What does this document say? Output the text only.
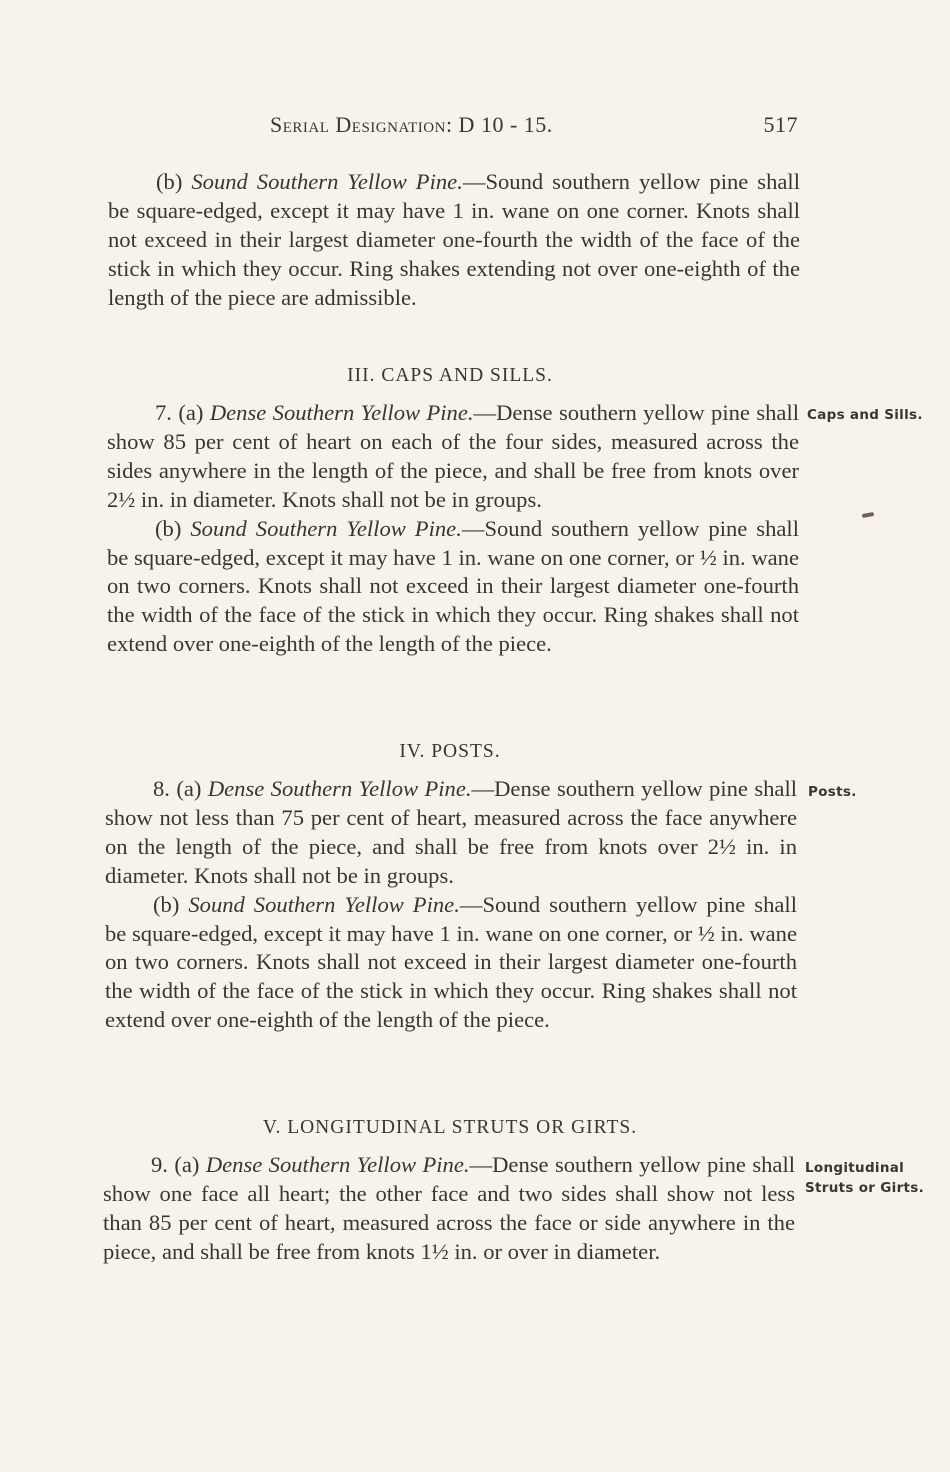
Serial Designation: D 10 - 15.	517

(b) Sound Southern Yellow Pine.—Sound southern yellow pine shall be square-edged, except it may have 1 in. wane on one corner. Knots shall not exceed in their largest diameter one-fourth the width of the face of the stick in which they occur. Ring shakes extending not over one-eighth of the length of the piece are admissible.

III. CAPS AND SILLS.
Caps and Sills.

7. (a) Dense Southern Yellow Pine.—Dense southern yellow pine shall show 85 per cent of heart on each of the four sides, measured across the sides anywhere in the length of the piece, and shall be free from knots over 2½ in. in diameter. Knots shall not be in groups.

(b) Sound Southern Yellow Pine.—Sound southern yellow pine shall be square-edged, except it may have 1 in. wane on one corner, or ½ in. wane on two corners. Knots shall not exceed in their largest diameter one-fourth the width of the face of the stick in which they occur. Ring shakes shall not extend over one-eighth of the length of the piece.

IV. POSTS.
Posts.

8. (a) Dense Southern Yellow Pine.—Dense southern yellow pine shall show not less than 75 per cent of heart, measured across the face anywhere on the length of the piece, and shall be free from knots over 2½ in. in diameter. Knots shall not be in groups.

(b) Sound Southern Yellow Pine.—Sound southern yellow pine shall be square-edged, except it may have 1 in. wane on one corner, or ½ in. wane on two corners. Knots shall not exceed in their largest diameter one-fourth the width of the face of the stick in which they occur. Ring shakes shall not extend over one-eighth of the length of the piece.

V. LONGITUDINAL STRUTS OR GIRTS.
Longitudinal
Struts or Girts.

9. (a) Dense Southern Yellow Pine.—Dense southern yellow pine shall show one face all heart; the other face and two sides shall show not less than 85 per cent of heart, measured across the face or side anywhere in the piece, and shall be free from knots 1½ in. or over in diameter.
